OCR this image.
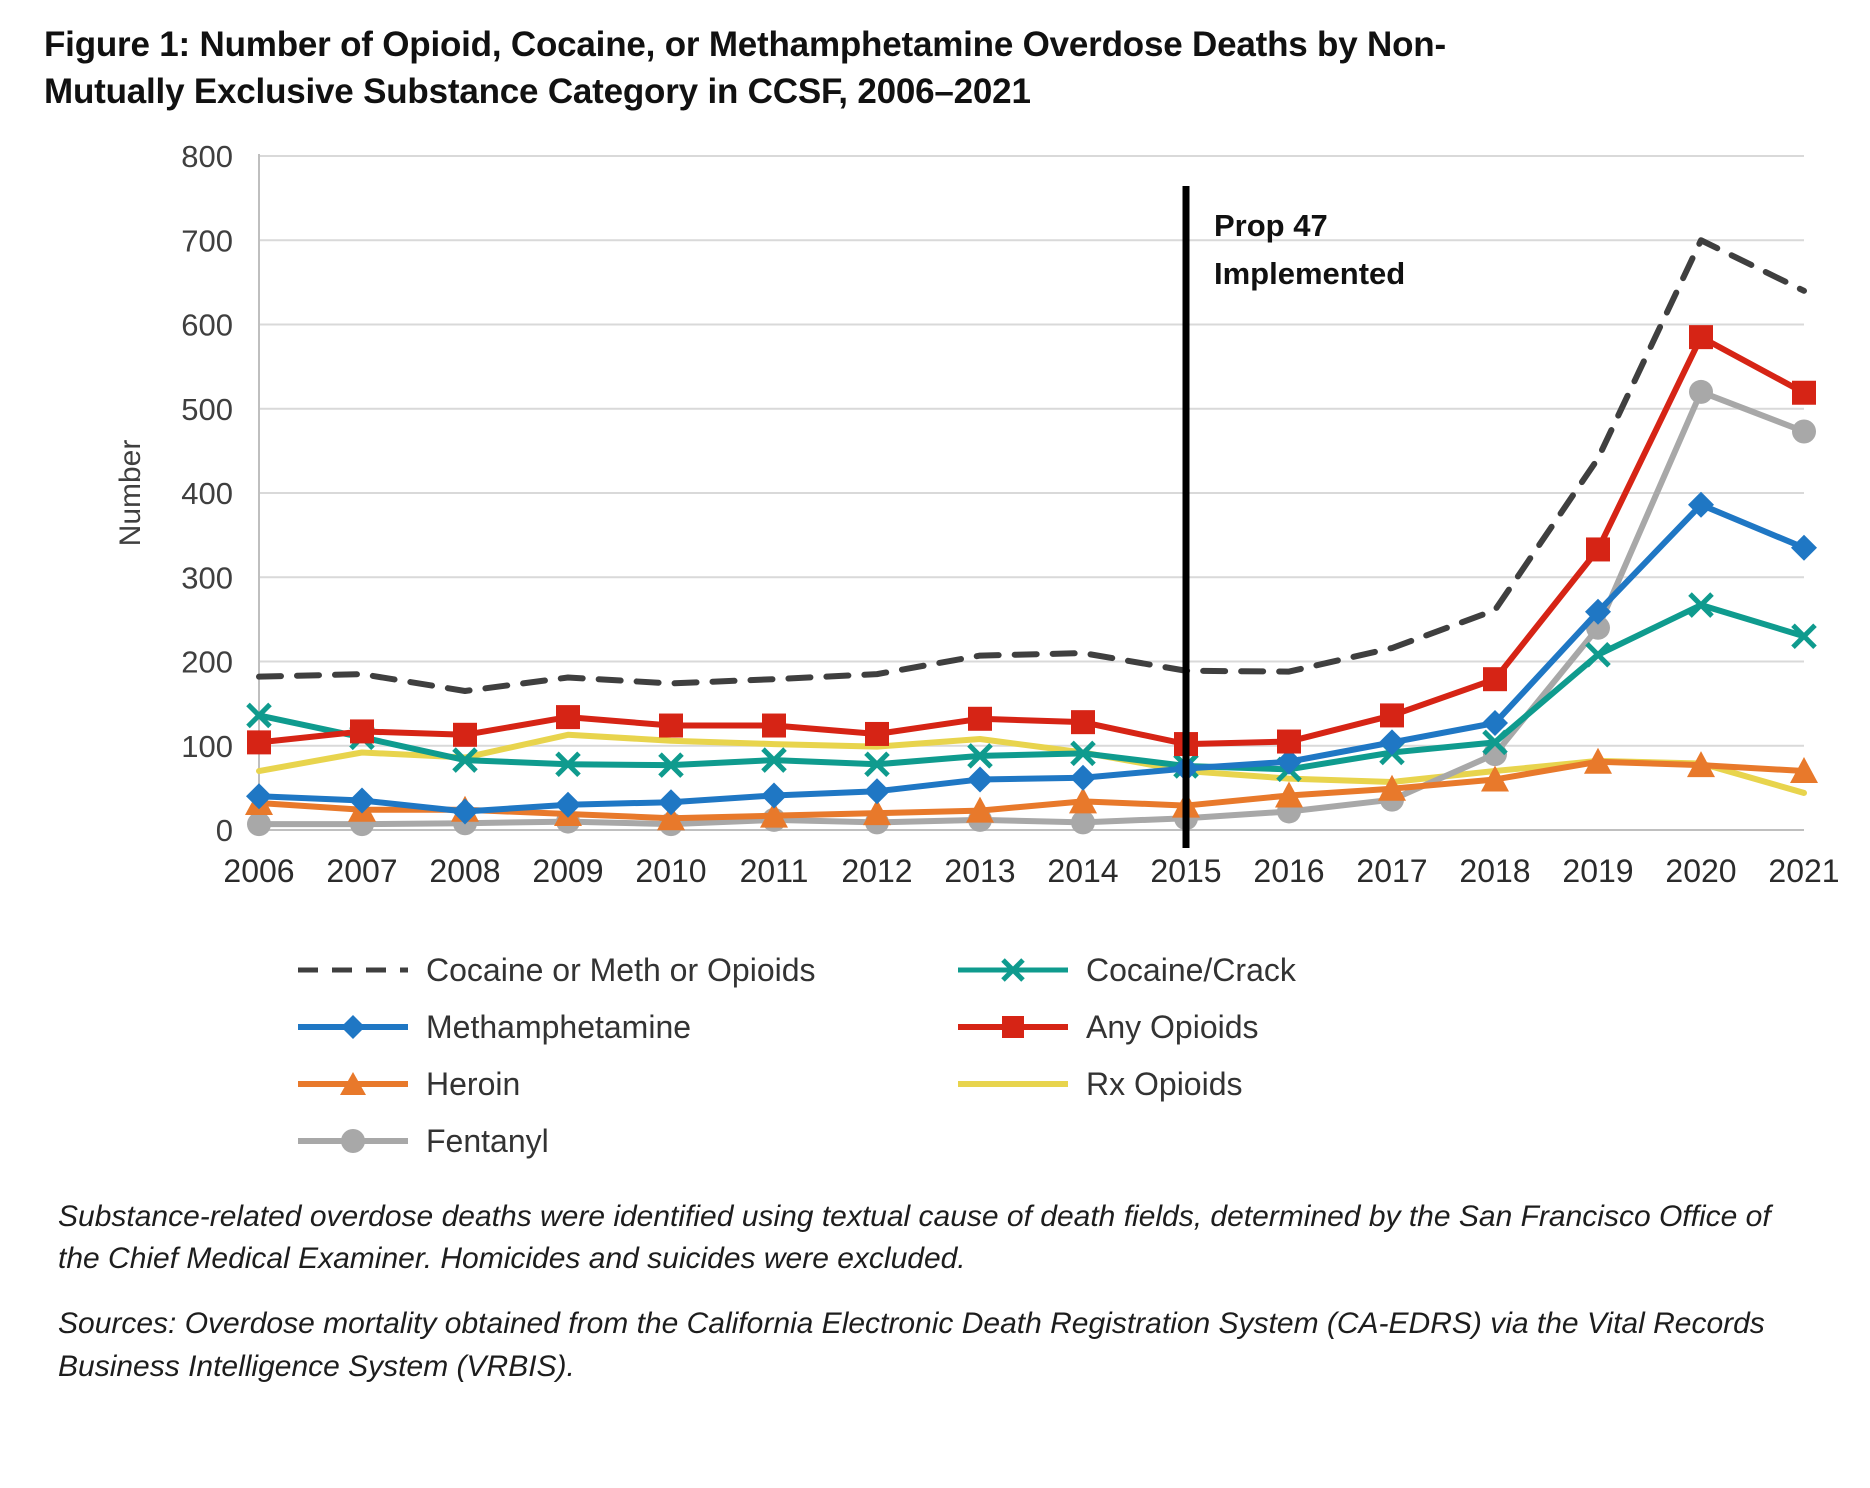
Figure 1: Number of Opioid, Cocaine, or Methamphetamine Overdose Deaths by Non-Mutually Exclusive Substance Category in CCSF, 2006–2021
0
100
200
300
400
500
600
700
800
Number
2006 2007 2008 2009 2010 2011 2012 2013 2014 2015 2016 2017 2018 2019 2020 2021
Prop 47
Implemented
Cocaine or Meth or Opioids	Cocaine/Crack
Methamphetamine	Any Opioids
Heroin	Rx Opioids
Fentanyl
Substance-related overdose deaths were identified using textual cause of death fields, determined by the San Francisco Office of the Chief Medical Examiner. Homicides and suicides were excluded.
Sources: Overdose mortality obtained from the California Electronic Death Registration System (CA-EDRS) via the Vital Records Business Intelligence System (VRBIS).
